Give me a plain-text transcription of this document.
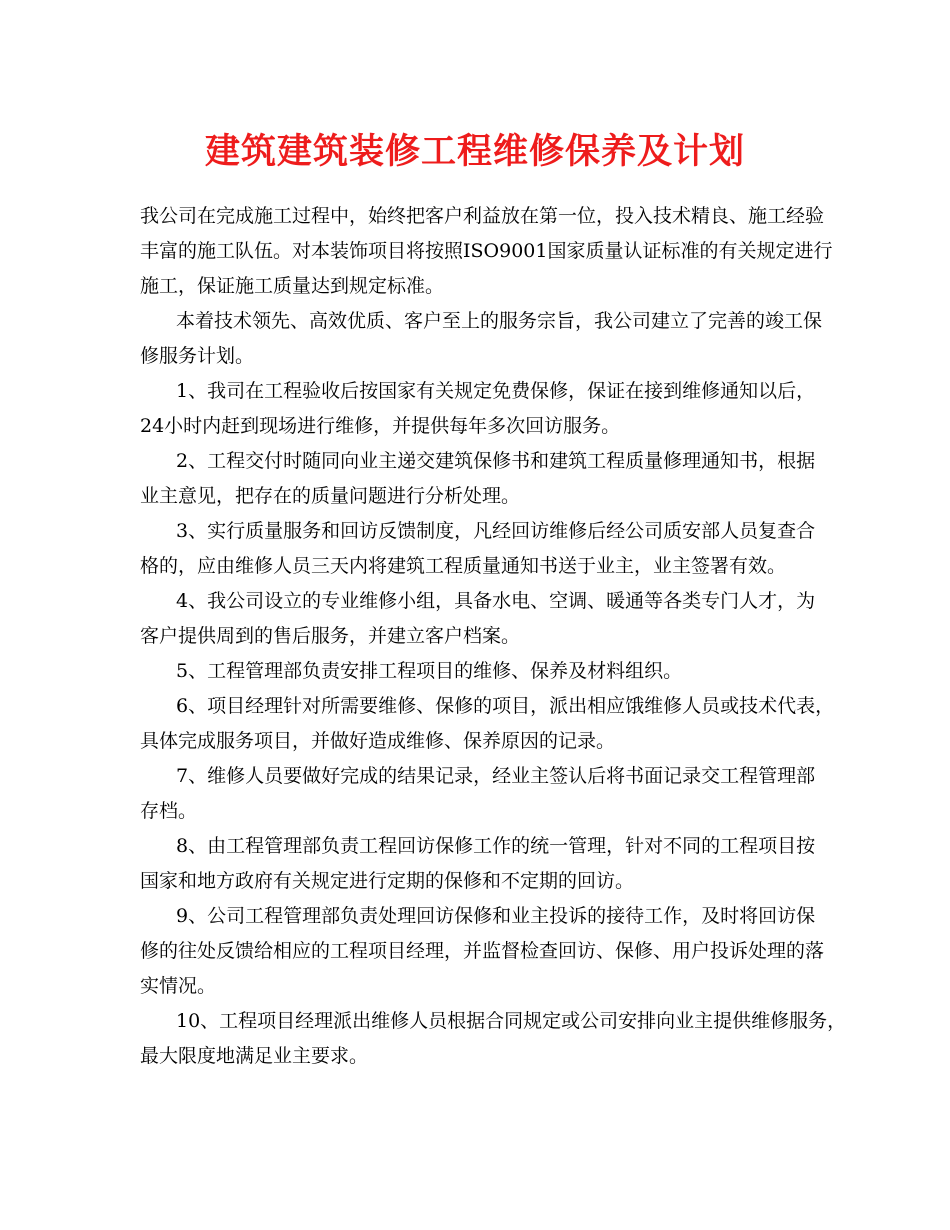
建筑建筑装修工程维修保养及计划
我公司在完成施工过程中，始终把客户利益放在第一位，投入技术精良、施工经验
丰富的施工队伍。对本装饰项目将按照ISO9001国家质量认证标准的有关规定进行
施工，保证施工质量达到规定标准。
本着技术领先、高效优质、客户至上的服务宗旨，我公司建立了完善的竣工保
修服务计划。
1、我司在工程验收后按国家有关规定免费保修，保证在接到维修通知以后，
24小时内赶到现场进行维修，并提供每年多次回访服务。
2、工程交付时随同向业主递交建筑保修书和建筑工程质量修理通知书，根据
业主意见，把存在的质量问题进行分析处理。
3、实行质量服务和回访反馈制度，凡经回访维修后经公司质安部人员复查合
格的，应由维修人员三天内将建筑工程质量通知书送于业主，业主签署有效。
4、我公司设立的专业维修小组，具备水电、空调、暖通等各类专门人才，为
客户提供周到的售后服务，并建立客户档案。
5、工程管理部负责安排工程项目的维修、保养及材料组织。
6、项目经理针对所需要维修、保修的项目，派出相应饿维修人员或技术代表，
具体完成服务项目，并做好造成维修、保养原因的记录。
7、维修人员要做好完成的结果记录，经业主签认后将书面记录交工程管理部
存档。
8、由工程管理部负责工程回访保修工作的统一管理，针对不同的工程项目按
国家和地方政府有关规定进行定期的保修和不定期的回访。
9、公司工程管理部负责处理回访保修和业主投诉的接待工作，及时将回访保
修的往处反馈给相应的工程项目经理，并监督检查回访、保修、用户投诉处理的落
实情况。
10、工程项目经理派出维修人员根据合同规定或公司安排向业主提供维修服务，
最大限度地满足业主要求。
